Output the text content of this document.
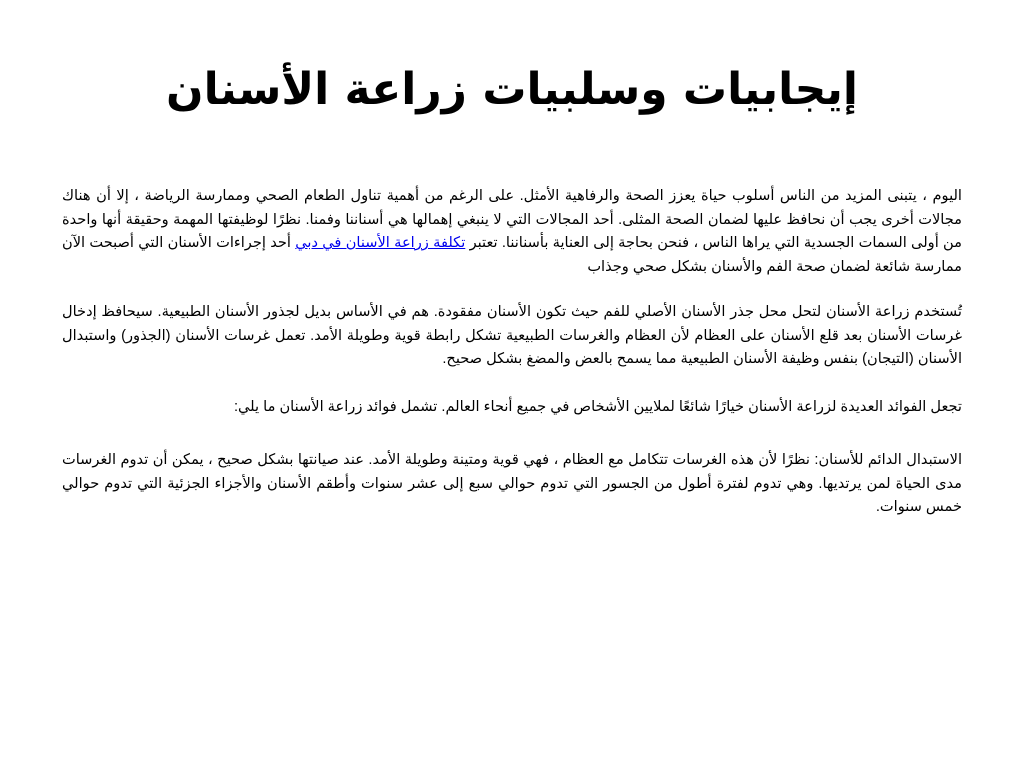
إيجابيات وسلبيات زراعة الأسنان

اليوم ، يتبنى المزيد من الناس أسلوب حياة يعزز الصحة والرفاهية الأمثل. على الرغم من أهمية تناول الطعام الصحي وممارسة الرياضة ، إلا أن هناك مجالات أخرى يجب أن نحافظ عليها لضمان الصحة المثلى. أحد المجالات التي لا ينبغي إهمالها هي أسناننا وفمنا. نظرًا لوظيفتها المهمة وحقيقة أنها واحدة من أولى السمات الجسدية التي يراها الناس ، فنحن بحاجة إلى العناية بأسناننا. تعتبر تكلفة زراعة الأسنان في دبي أحد إجراءات الأسنان التي أصبحت الآن ممارسة شائعة لضمان صحة الفم والأسنان بشكل صحي وجذاب

تُستخدم زراعة الأسنان لتحل محل جذر الأسنان الأصلي للفم حيث تكون الأسنان مفقودة. هم في الأساس بديل لجذور الأسنان الطبيعية. سيحافظ إدخال غرسات الأسنان بعد قلع الأسنان على العظام لأن العظام والغرسات الطبيعية تشكل رابطة قوية وطويلة الأمد. تعمل غرسات الأسنان (الجذور) واستبدال الأسنان (التيجان) بنفس وظيفة الأسنان الطبيعية مما يسمح بالعض والمضغ بشكل صحيح.

تجعل الفوائد العديدة لزراعة الأسنان خيارًا شائعًا لملايين الأشخاص في جميع أنحاء العالم. تشمل فوائد زراعة الأسنان ما يلي:

الاستبدال الدائم للأسنان: نظرًا لأن هذه الغرسات تتكامل مع العظام ، فهي قوية ومتينة وطويلة الأمد. عند صيانتها بشكل صحيح ، يمكن أن تدوم الغرسات مدى الحياة لمن يرتديها. وهي تدوم لفترة أطول من الجسور التي تدوم حوالي سبع إلى عشر سنوات وأطقم الأسنان والأجزاء الجزئية التي تدوم حوالي خمس سنوات.
